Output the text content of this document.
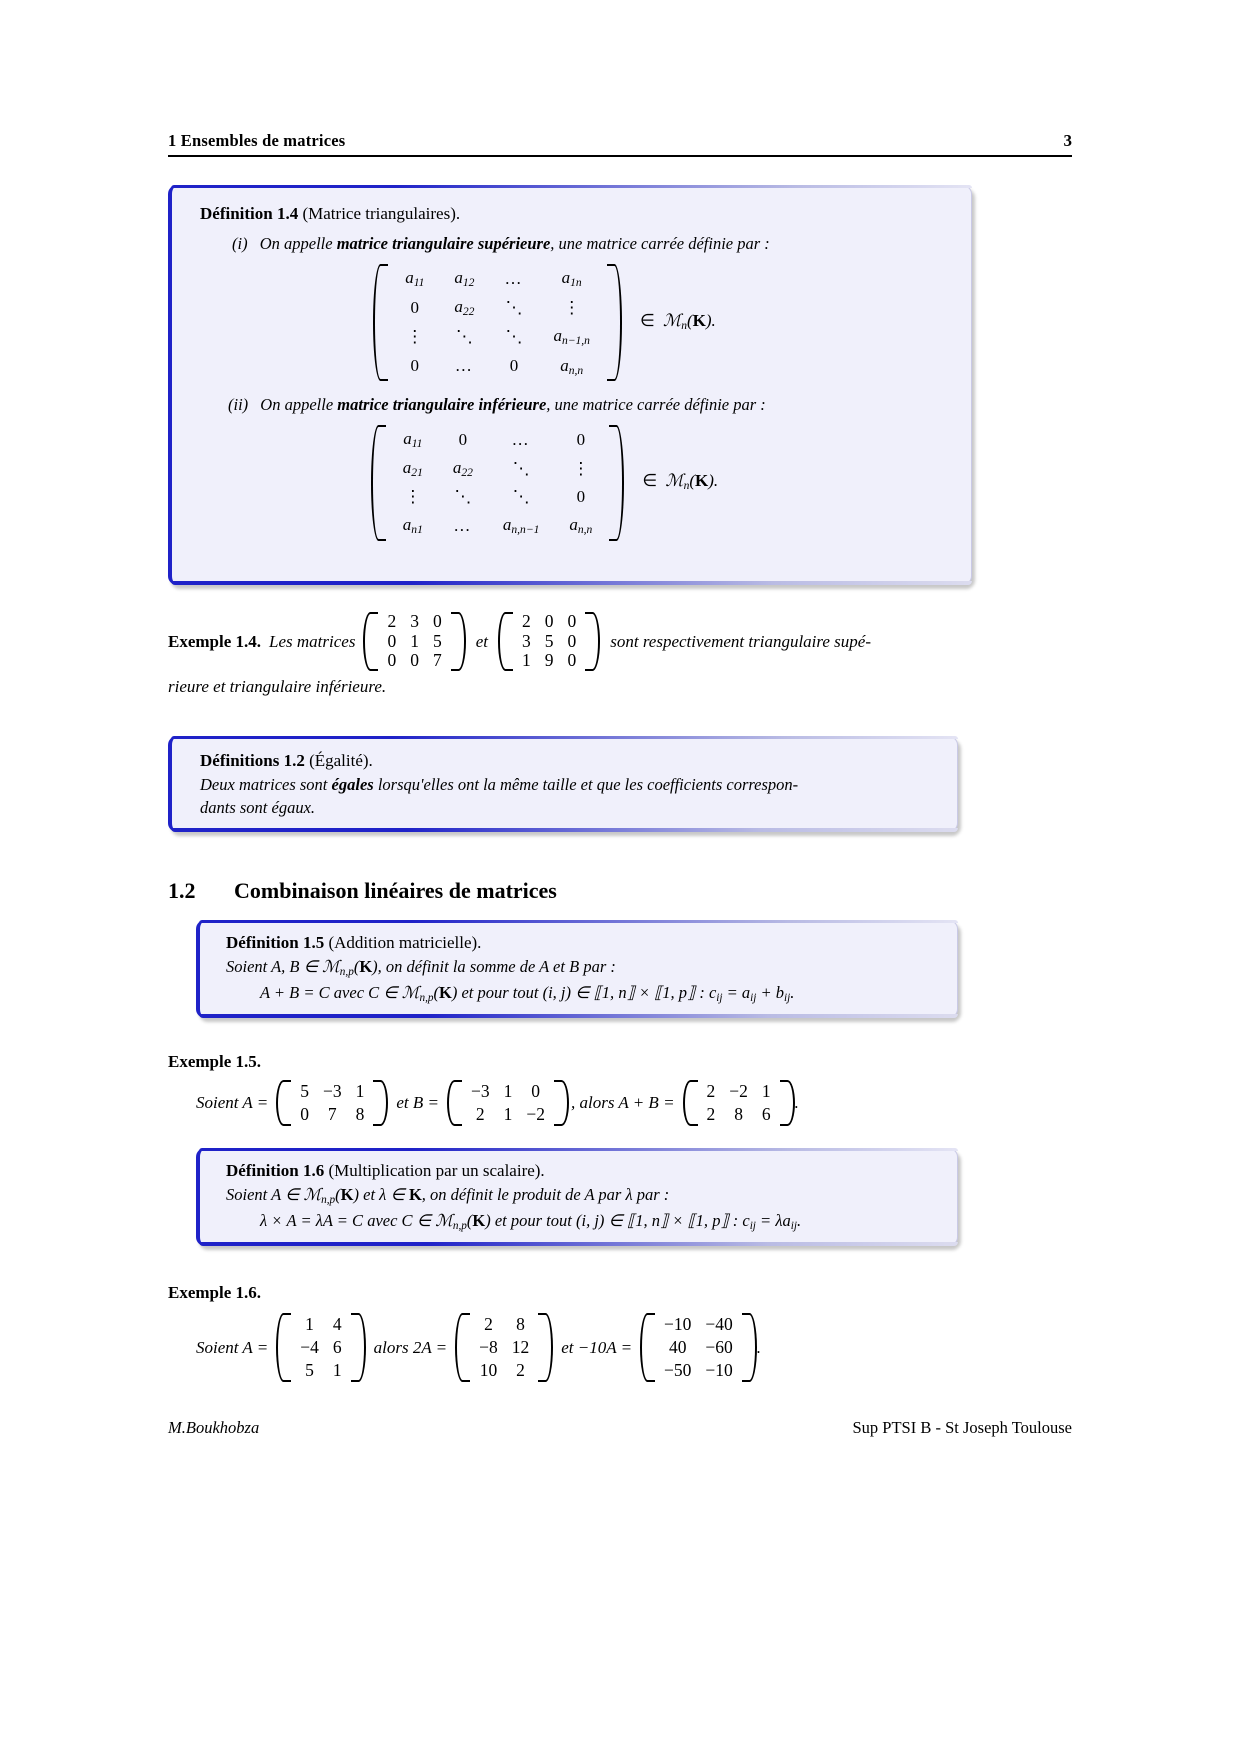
1 Ensembles de matrices	3
Définition 1.4 (Matrice triangulaires).
(i) On appelle matrice triangulaire supérieure, une matrice carrée définie par :
$a_{11}$	$a_{12}$	…	$a_{1n}$
0	$a_{22}$	⋱	⋮
⋮	⋱	⋱	$a_{n-1,n}$
0	…	0	$a_{n,n}$
∈ ℳ$_n$(K).
(ii) On appelle matrice triangulaire inférieure, une matrice carrée définie par :
$a_{11}$	0	…	0
$a_{21}$	$a_{22}$	⋱	⋮
⋮	⋱	⋱	0
$a_{n1}$	…	$a_{n,n-1}$	$a_{n,n}$
∈ ℳ$_n$(K).
Exemple 1.4. Les matrices
2	3	0
0	1	5
0	0	7
et
2	0	0
3	5	0
1	9	0
sont respectivement triangulaire supé-
rieure et triangulaire inférieure.
Définitions 1.2 (Égalité).
Deux matrices sont égales lorsqu'elles ont la même taille et que les coefficients correspon-
dants sont égaux.
1.2 Combinaison linéaires de matrices
Définition 1.5 (Addition matricielle).
Soient A, B ∈ ℳ$_{n,p}$(K), on définit la somme de A et B par :
A + B = C avec C ∈ ℳ$_{n,p}$(K) et pour tout (i, j) ∈ ⟦1, n⟧ × ⟦1, p⟧ : $c_{ij} = a_{ij} + b_{ij}$.
Exemple 1.5.
Soient A =
5	−3	1
0	7	8
et B =
−3	1	0
2	1	−2
, alors A + B =
2	−2	1
2	8	6
.
Définition 1.6 (Multiplication par un scalaire).
Soient A ∈ ℳ$_{n,p}$(K) et λ ∈ K, on définit le produit de A par λ par :
λ × A = λA = C avec C ∈ ℳ$_{n,p}$(K) et pour tout (i, j) ∈ ⟦1, n⟧ × ⟦1, p⟧ : $c_{ij} = \lambda a_{ij}$.
Exemple 1.6.
Soient A =
1	4
−4	6
5	1
alors 2A =
2	8
−8	12
10	2
et −10A =
−10	−40
40	−60
−50	−10
.
M.Boukhobza	Sup PTSI B - St Joseph Toulouse
